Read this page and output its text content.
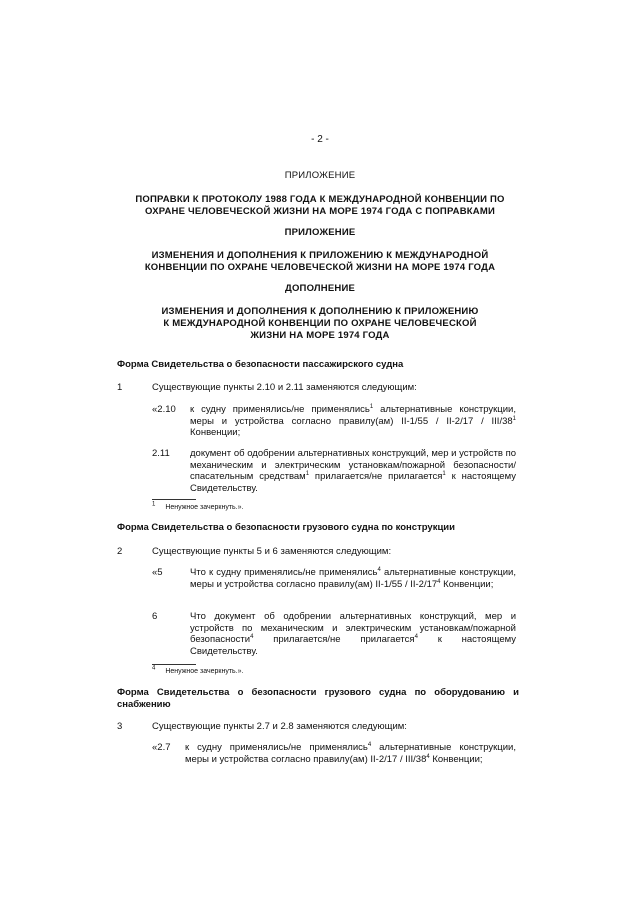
- 2 -
ПРИЛОЖЕНИЕ
ПОПРАВКИ К ПРОТОКОЛУ 1988 ГОДА К МЕЖДУНАРОДНОЙ КОНВЕНЦИИ ПО
ОХРАНЕ ЧЕЛОВЕЧЕСКОЙ ЖИЗНИ НА МОРЕ 1974 ГОДА С ПОПРАВКАМИ
ПРИЛОЖЕНИЕ
ИЗМЕНЕНИЯ И ДОПОЛНЕНИЯ К ПРИЛОЖЕНИЮ К МЕЖДУНАРОДНОЙ
КОНВЕНЦИИ ПО ОХРАНЕ ЧЕЛОВЕЧЕСКОЙ ЖИЗНИ НА МОРЕ 1974 ГОДА
ДОПОЛНЕНИЕ
ИЗМЕНЕНИЯ И ДОПОЛНЕНИЯ К ДОПОЛНЕНИЮ К ПРИЛОЖЕНИЮ
К МЕЖДУНАРОДНОЙ КОНВЕНЦИИ ПО ОХРАНЕ ЧЕЛОВЕЧЕСКОЙ
ЖИЗНИ НА МОРЕ 1974 ГОДА
Форма Свидетельства о безопасности пассажирского судна
1	Существующие пункты 2.10 и 2.11 заменяются следующим:
«2.10 к судну применялись/не применялись$^1$ альтернативные конструкции, меры и устройства согласно правилу(ам) II-1/55 / II-2/17 / III/$38^1$ Конвенции;
2.11 документ об одобрении альтернативных конструкций, мер и устройств по механическим и электрическим установкам/пожарной безопасности/спасательным средствам$^1$ прилагается/не прилагается$^1$ к настоящему Свидетельству.
$^1$ Ненужное зачеркнуть.».
Форма Свидетельства о безопасности грузового судна по конструкции
2	Существующие пункты 5 и 6 заменяются следующим:
«5	Что к судну применялись/не применялись$^4$ альтернативные конструкции, меры и устройства согласно правилу(ам) $II-1/55 / II-2/17^4$ Конвенции;
6	Что документ об одобрении альтернативных конструкций, мер и устройств по механическим и электрическим установкам/пожарной безопасности$^4$ прилагается/не прилагается$^4$ к настоящему Свидетельству.
$^4$ Ненужное зачеркнуть.».
Форма Свидетельства о безопасности грузового судна по оборудованию и снабжению
3	Существующие пункты 2.7 и 2.8 заменяются следующим:
«2.7 к судну применялись/не применялись$^4$ альтернативные конструкции, меры и устройства согласно правилу(ам) II-2/17 / III/$38^4$ Конвенции;
